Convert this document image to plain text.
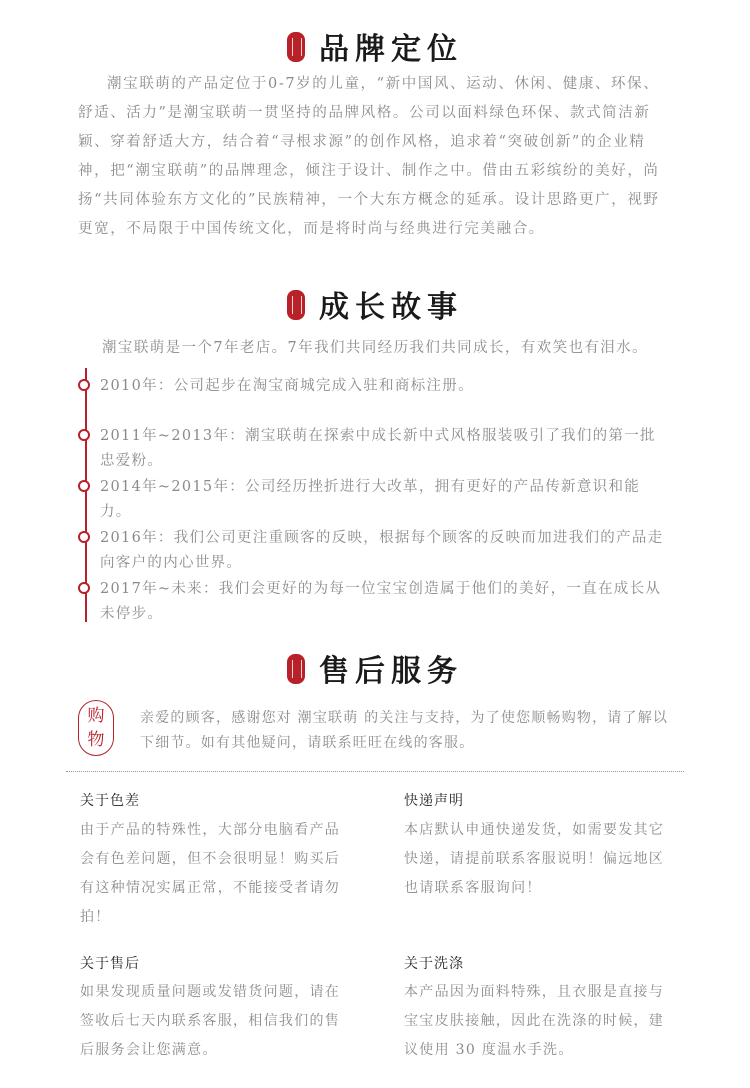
品牌定位

潮宝联萌的产品定位于0-7岁的儿童，“新中国风、运动、休闲、健康、环保、舒适、活力”是潮宝联萌一贯坚持的品牌风格。公司以面料绿色环保、款式简洁新颖、穿着舒适大方，结合着“寻根求源”的创作风格，追求着“突破创新”的企业精神，把“潮宝联萌”的品牌理念，倾注于设计、制作之中。借由五彩缤纷的美好，尚扬“共同体验东方文化的”民族精神，一个大东方概念的延承。设计思路更广，视野更宽，不局限于中国传统文化，而是将时尚与经典进行完美融合。

成长故事
潮宝联萌是一个7年老店。7年我们共同经历我们共同成长，有欢笑也有泪水。
2010年：公司起步在淘宝商城完成入驻和商标注册。
2011年~2013年：潮宝联萌在探索中成长新中式风格服装吸引了我们的第一批忠爱粉。
2014年~2015年：公司经历挫折进行大改革，拥有更好的产品传新意识和能力。
2016年：我们公司更注重顾客的反映，根据每个顾客的反映而加进我们的产品走向客户的内心世界。
2017年~未来：我们会更好的为每一位宝宝创造属于他们的美好，一直在成长从未停步。
售后服务
购
物
亲爱的顾客，感谢您对 潮宝联萌 的关注与支持，为了使您顺畅购物，请了解以下细节。如有其他疑问，请联系旺旺在线的客服。
关于色差
由于产品的特殊性，大部分电脑看产品会有色差问题，但不会很明显！购买后有这种情况实属正常，不能接受者请勿拍！
快递声明
本店默认申通快递发货，如需要发其它快递，请提前联系客服说明！偏远地区也请联系客服询问！
关于售后
如果发现质量问题或发错货问题，请在签收后七天内联系客服，相信我们的售后服务会让您满意。
关于洗涤
本产品因为面料特殊，且衣服是直接与宝宝皮肤接触，因此在洗涤的时候，建议使用 30 度温水手洗。
